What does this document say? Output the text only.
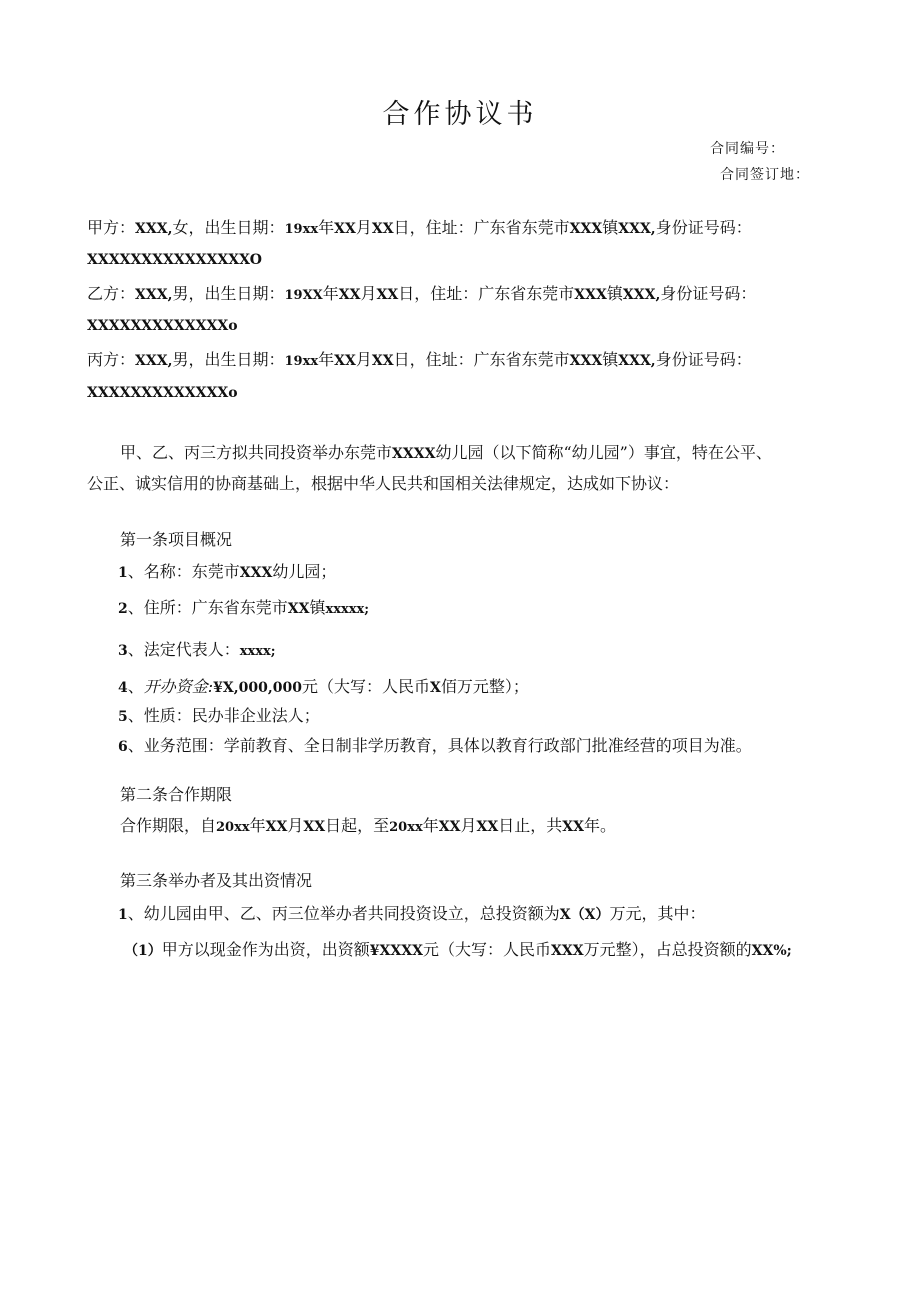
合作协议书
合同编号：
合同签订地：
甲方：XXX,女，出生日期：19xx年XX月XX日，住址：广东省东莞市XXX镇XXX,身份证号码：
XXXXXXXXXXXXXXXO
乙方：XXX,男，出生日期：19XX年XX月XX日，住址：广东省东莞市XXX镇XXX,身份证号码：
XXXXXXXXXXXXXo
丙方：XXX,男，出生日期：19xx年XX月XX日，住址：广东省东莞市XXX镇XXX,身份证号码：
XXXXXXXXXXXXXo
甲、乙、丙三方拟共同投资举办东莞市XXXX幼儿园（以下简称“幼儿园”）事宜，特在公平、
公正、诚实信用的协商基础上，根据中华人民共和国相关法律规定，达成如下协议：
第一条项目概况
1、名称：东莞市XXX幼儿园；
2、住所：广东省东莞市XX镇xxxxx;
3、法定代表人：xxxx;
4、开办资金:¥X,000,000元（大写：人民币X佰万元整）；
5、性质：民办非企业法人；
6、业务范围：学前教育、全日制非学历教育，具体以教育行政部门批准经营的项目为准。
第二条合作期限
合作期限，自20xx年XX月XX日起，至20xx年XX月XX日止，共XX年。
第三条举办者及其出资情况
1、幼儿园由甲、乙、丙三位举办者共同投资设立，总投资额为X（X）万元，其中：
（1）甲方以现金作为出资，出资额¥XXXX元（大写：人民币XXX万元整），占总投资额的XX%;
